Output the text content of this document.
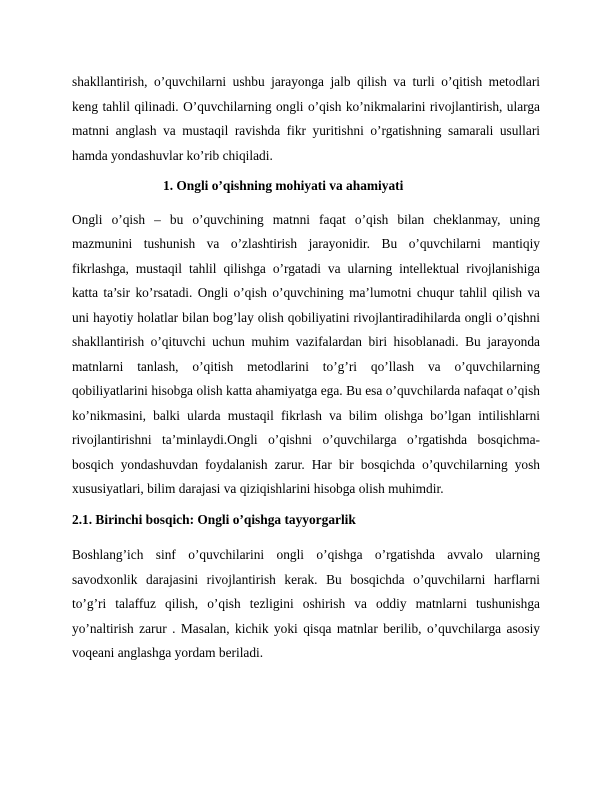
shakllantirish, o’quvchilarni ushbu jarayonga jalb qilish va turli o’qitish metodlari keng tahlil qilinadi. O’quvchilarning ongli o’qish ko’nikmalarini rivojlantirish, ularga matnni anglash va mustaqil ravishda fikr yuritishni o’rgatishning samarali usullari hamda yondashuvlar ko’rib chiqiladi.

1. Ongli o’qishning mohiyati va ahamiyati

Ongli o’qish – bu o’quvchining matnni faqat o’qish bilan cheklanmay, uning mazmunini tushunish va o’zlashtirish jarayonidir. Bu o’quvchilarni mantiqiy fikrlashga, mustaqil tahlil qilishga o’rgatadi va ularning intellektual rivojlanishiga katta ta’sir ko’rsatadi. Ongli o’qish o’quvchining ma’lumotni chuqur tahlil qilish va uni hayotiy holatlar bilan bog’lay olish qobiliyatini rivojlantiradihilarda ongli o’qishni shakllantirish o’qituvchi uchun muhim vazifalardan biri hisoblanadi. Bu jarayonda matnlarni tanlash, o’qitish metodlarini to’g’ri qo’llash va o’quvchilarning qobiliyatlarini hisobga olish katta ahamiyatga ega. Bu esa o’quvchilarda nafaqat o’qish ko’nikmasini, balki ularda mustaqil fikrlash va bilim olishga bo’lgan intilishlarni rivojlantirishni ta’minlaydi.Ongli o’qishni o’quvchilarga o’rgatishda bosqichma-bosqich yondashuvdan foydalanish zarur. Har bir bosqichda o’quvchilarning yosh xususiyatlari, bilim darajasi va qiziqishlarini hisobga olish muhimdir.

2.1. Birinchi bosqich: Ongli o’qishga tayyorgarlik

Boshlang’ich sinf o’quvchilarini ongli o’qishga o’rgatishda avvalo ularning savodxonlik darajasini rivojlantirish kerak. Bu bosqichda o’quvchilarni harflarni to’g’ri talaffuz qilish, o’qish tezligini oshirish va oddiy matnlarni tushunishga yo’naltirish zarur . Masalan, kichik yoki qisqa matnlar berilib, o’quvchilarga asosiy voqeani anglashga yordam beriladi.
